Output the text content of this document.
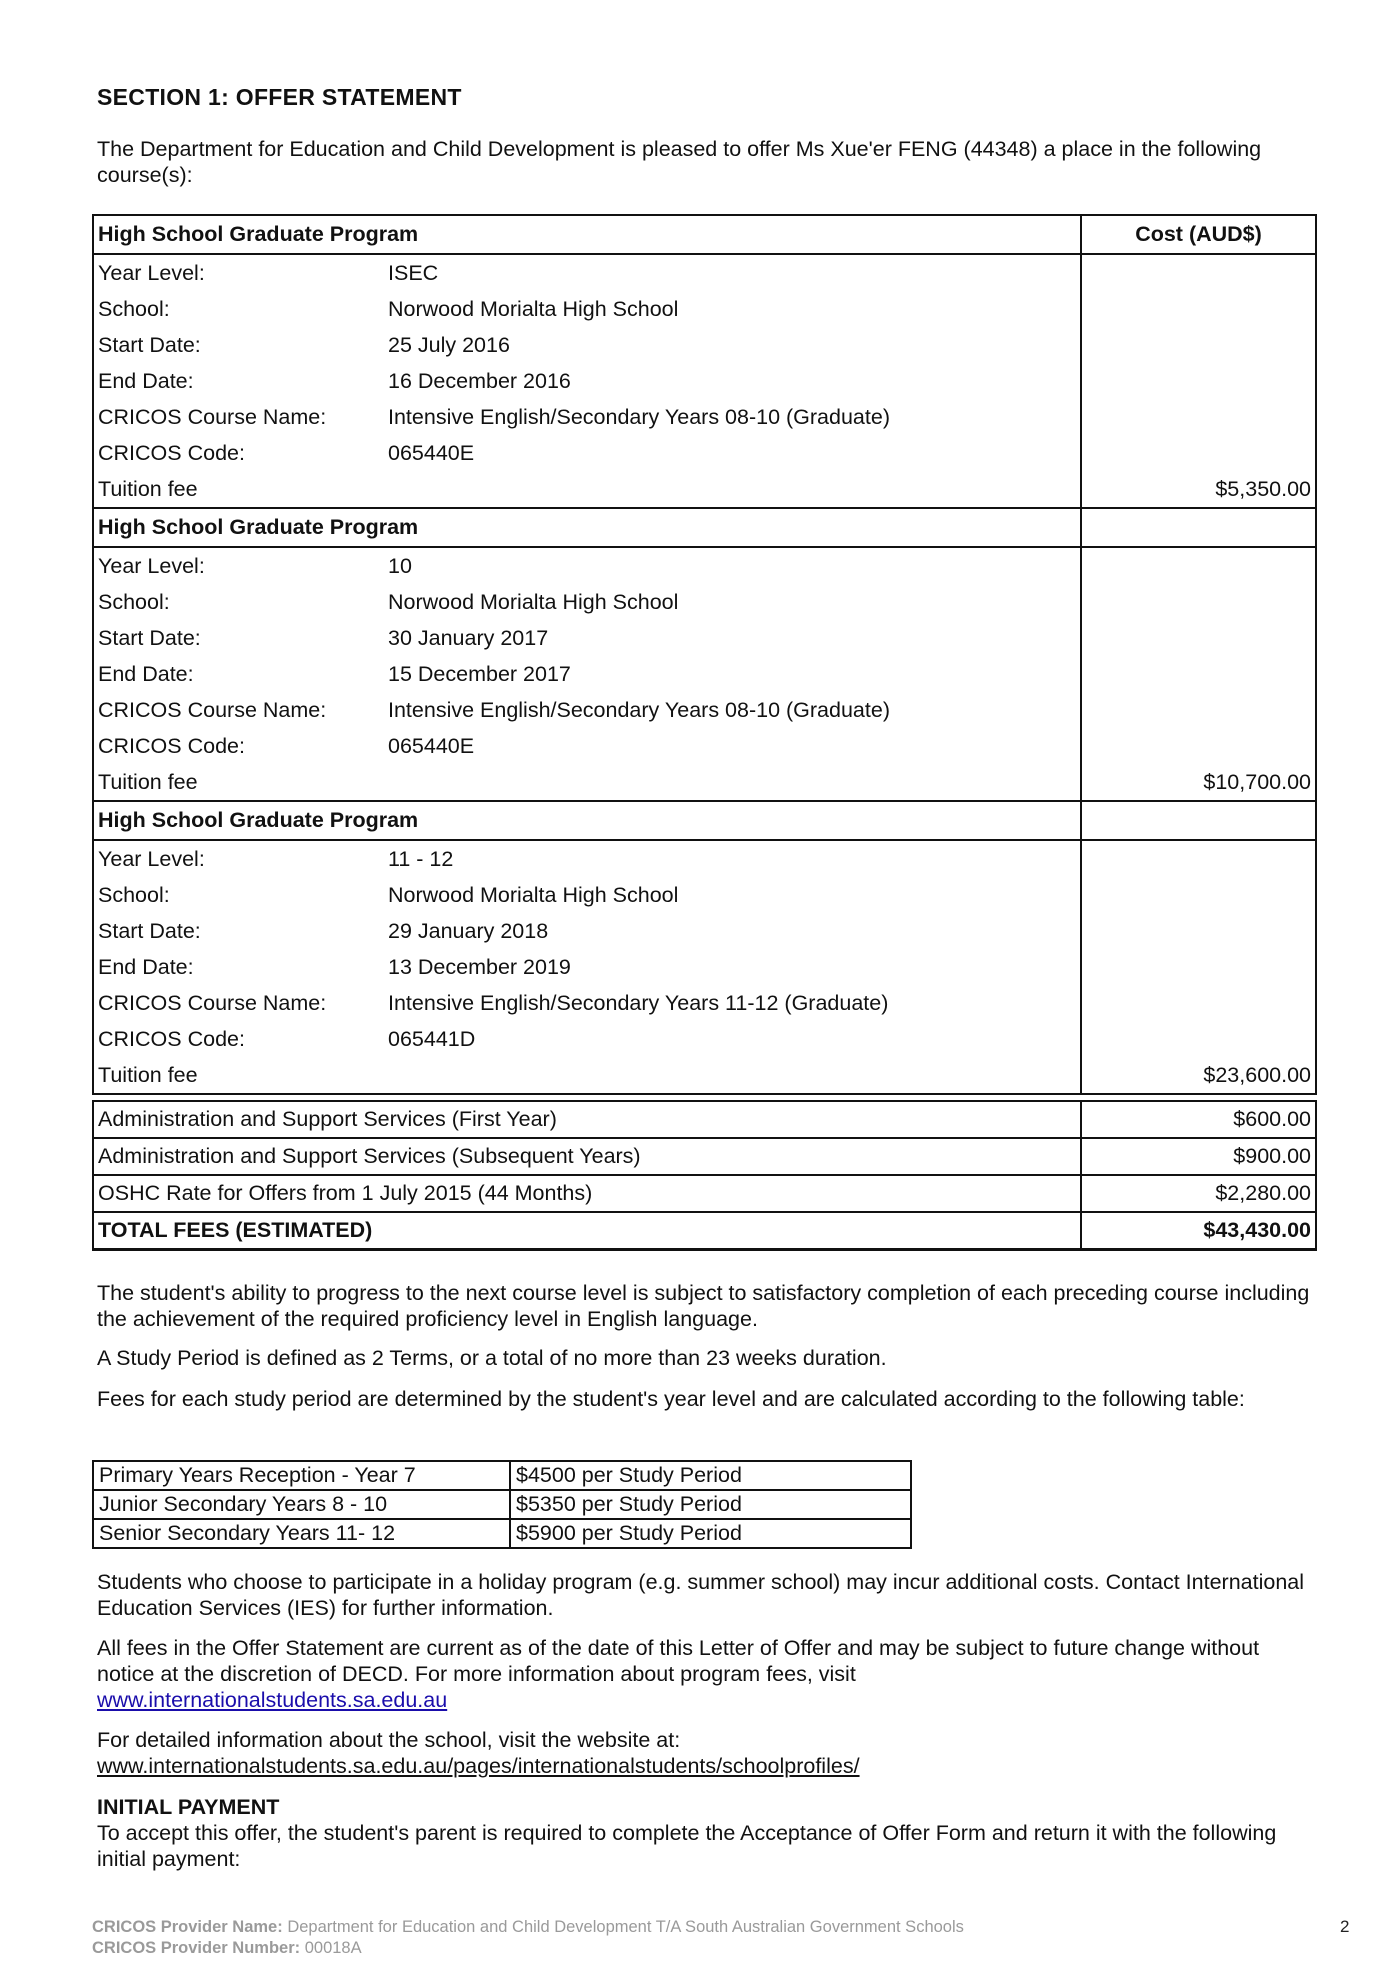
SECTION 1: OFFER STATEMENT
The Department for Education and Child Development is pleased to offer Ms Xue'er FENG (44348) a place in the following course(s):
High School Graduate Program	Cost (AUD$)
Year Level: ISEC	
School: Norwood Morialta High School	
Start Date: 25 July 2016	
End Date: 16 December 2016	
CRICOS Course Name: Intensive English/Secondary Years 08-10 (Graduate)	
CRICOS Code: 065440E	
Tuition fee	$5,350.00
High School Graduate Program	
Year Level: 10	
School: Norwood Morialta High School	
Start Date: 30 January 2017	
End Date: 15 December 2017	
CRICOS Course Name: Intensive English/Secondary Years 08-10 (Graduate)	
CRICOS Code: 065440E	
Tuition fee	$10,700.00
High School Graduate Program	
Year Level: 11 - 12	
School: Norwood Morialta High School	
Start Date: 29 January 2018	
End Date: 13 December 2019	
CRICOS Course Name: Intensive English/Secondary Years 11-12 (Graduate)	
CRICOS Code: 065441D	
Tuition fee	$23,600.00
Administration and Support Services (First Year)	$600.00
Administration and Support Services (Subsequent Years)	$900.00
OSHC Rate for Offers from 1 July 2015 (44 Months)	$2,280.00
TOTAL FEES (ESTIMATED)	$43,430.00
The student's ability to progress to the next course level is subject to satisfactory completion of each preceding course including the achievement of the required proficiency level in English language.
A Study Period is defined as 2 Terms, or a total of no more than 23 weeks duration.
Fees for each study period are determined by the student's year level and are calculated according to the following table:
Primary Years Reception - Year 7	$4500 per Study Period
Junior Secondary Years 8 - 10	$5350 per Study Period
Senior Secondary Years 11- 12	$5900 per Study Period
Students who choose to participate in a holiday program (e.g. summer school) may incur additional costs. Contact International Education Services (IES) for further information.
All fees in the Offer Statement are current as of the date of this Letter of Offer and may be subject to future change without notice at the discretion of DECD. For more information about program fees, visit
www.internationalstudents.sa.edu.au
For detailed information about the school, visit the website at:
www.internationalstudents.sa.edu.au/pages/internationalstudents/schoolprofiles/
INITIAL PAYMENT
To accept this offer, the student's parent is required to complete the Acceptance of Offer Form and return it with the following initial payment:
CRICOS Provider Name: Department for Education and Child Development T/A South Australian Government Schools
CRICOS Provider Number: 00018A
2
